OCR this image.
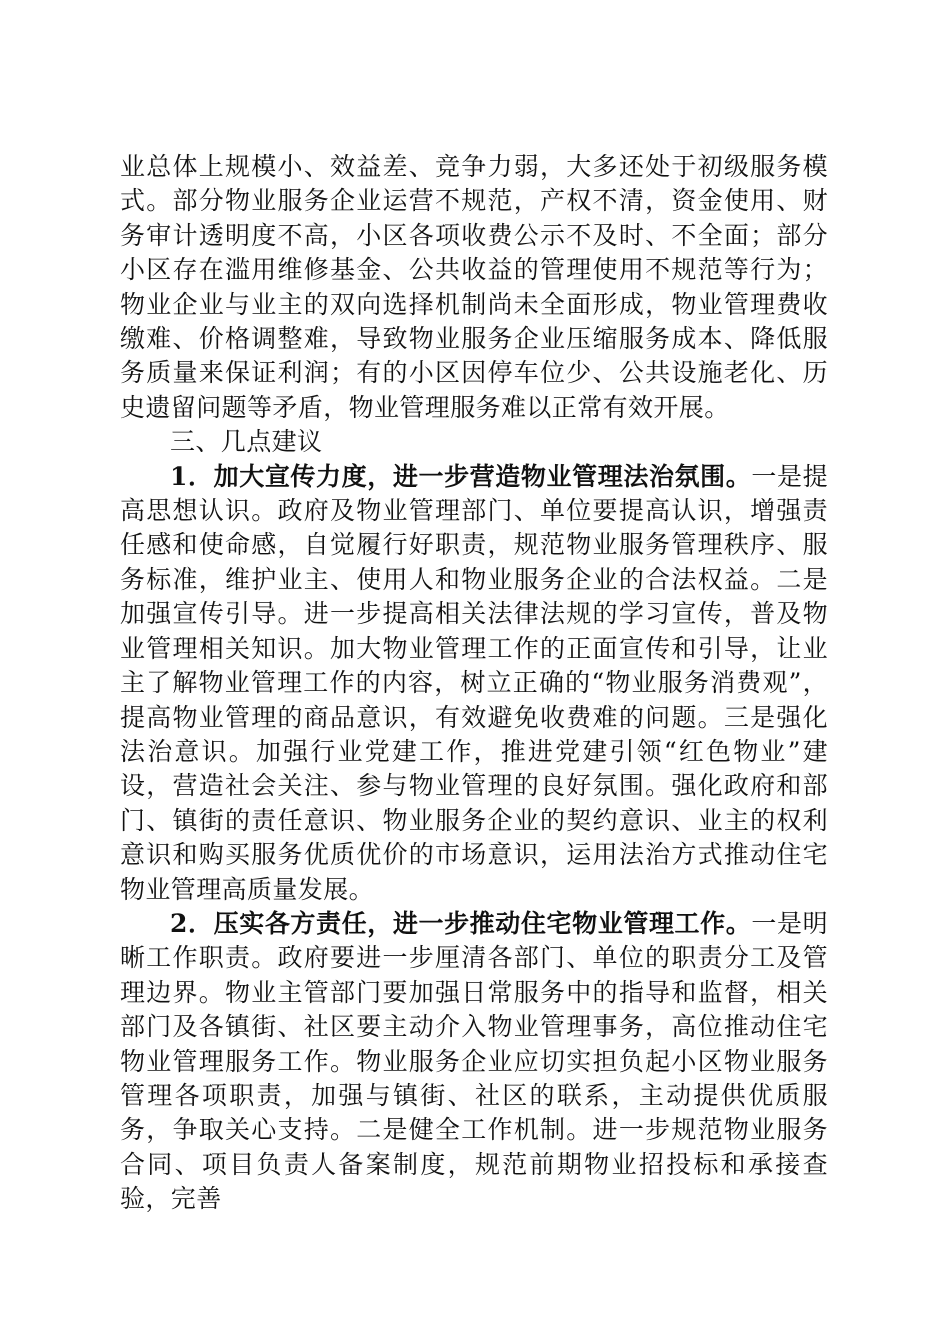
业总体上规模小、效益差、竞争力弱，大多还处于初级服务模式。部分物业服务企业运营不规范，产权不清，资金使用、财务审计透明度不高，小区各项收费公示不及时、不全面；部分小区存在滥用维修基金、公共收益的管理使用不规范等行为；物业企业与业主的双向选择机制尚未全面形成，物业管理费收缴难、价格调整难，导致物业服务企业压缩服务成本、降低服务质量来保证利润；有的小区因停车位少、公共设施老化、历史遗留问题等矛盾，物业管理服务难以正常有效开展。

三、几点建议

1．加大宣传力度，进一步营造物业管理法治氛围。一是提高思想认识。政府及物业管理部门、单位要提高认识，增强责任感和使命感，自觉履行好职责，规范物业服务管理秩序、服务标准，维护业主、使用人和物业服务企业的合法权益。二是加强宣传引导。进一步提高相关法律法规的学习宣传，普及物业管理相关知识。加大物业管理工作的正面宣传和引导，让业主了解物业管理工作的内容，树立正确的“物业服务消费观”，提高物业管理的商品意识，有效避免收费难的问题。三是强化法治意识。加强行业党建工作，推进党建引领“红色物业”建设，营造社会关注、参与物业管理的良好氛围。强化政府和部门、镇街的责任意识、物业服务企业的契约意识、业主的权利意识和购买服务优质优价的市场意识，运用法治方式推动住宅物业管理高质量发展。

2．压实各方责任，进一步推动住宅物业管理工作。一是明晰工作职责。政府要进一步厘清各部门、单位的职责分工及管理边界。物业主管部门要加强日常服务中的指导和监督，相关部门及各镇街、社区要主动介入物业管理事务，高位推动住宅物业管理服务工作。物业服务企业应切实担负起小区物业服务管理各项职责，加强与镇街、社区的联系，主动提供优质服务，争取关心支持。二是健全工作机制。进一步规范物业服务合同、项目负责人备案制度，规范前期物业招投标和承接查验，完善
